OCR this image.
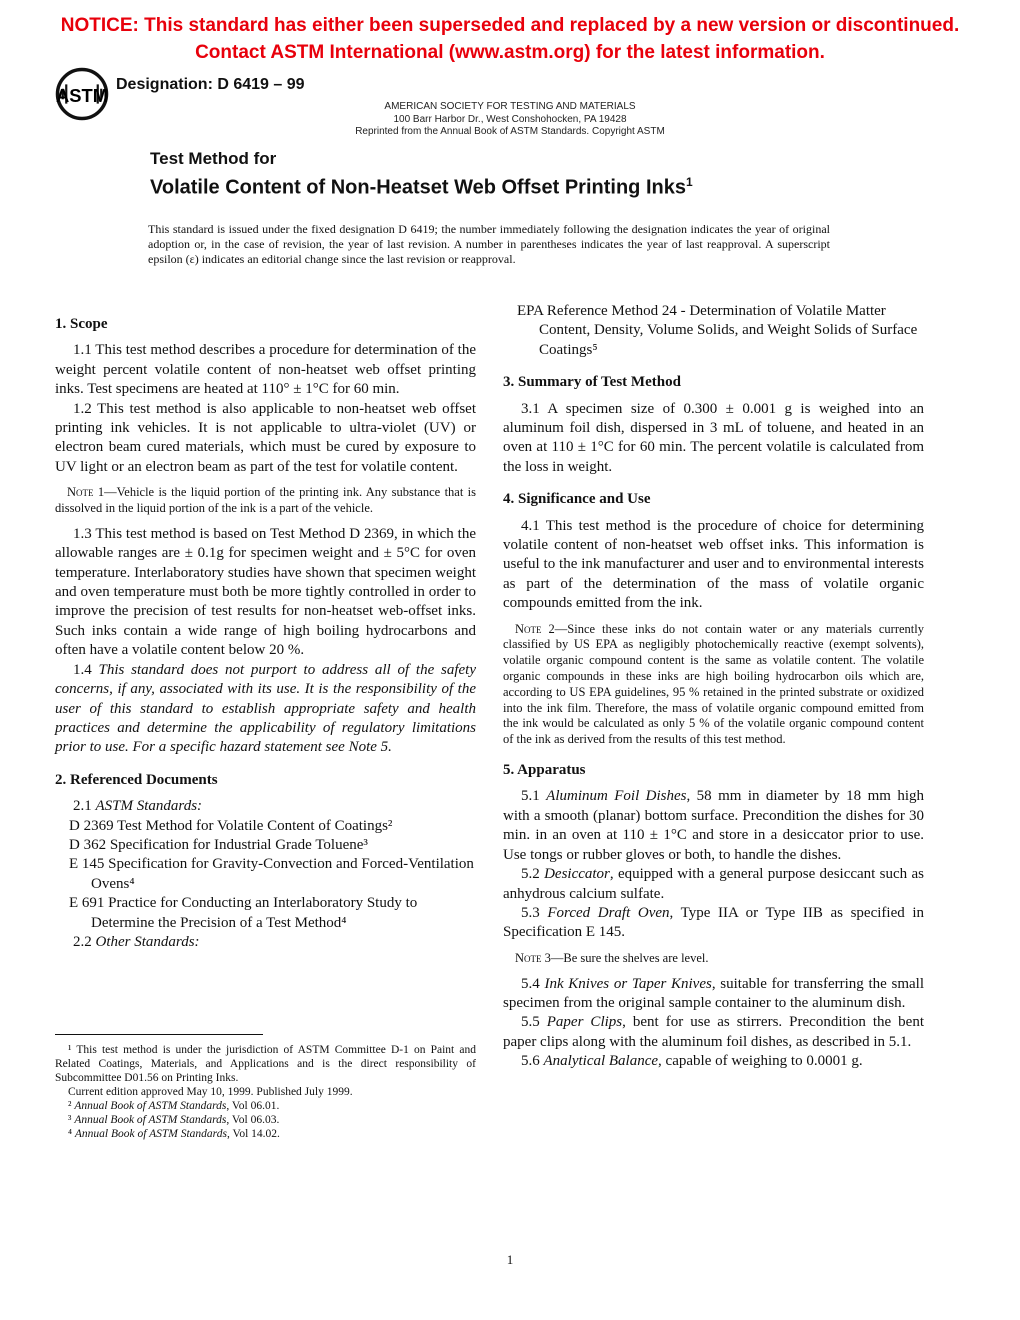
NOTICE: This standard has either been superseded and replaced by a new version or discontinued.
Contact ASTM International (www.astm.org) for the latest information.
ASTM
Designation: D 6419 – 99
AMERICAN SOCIETY FOR TESTING AND MATERIALS
100 Barr Harbor Dr., West Conshohocken, PA 19428
Reprinted from the Annual Book of ASTM Standards. Copyright ASTM
Test Method for
Volatile Content of Non-Heatset Web Offset Printing Inks$^1$
This standard is issued under the fixed designation D 6419; the number immediately following the designation indicates the year of original adoption or, in the case of revision, the year of last revision. A number in parentheses indicates the year of last reapproval. A superscript epsilon (ε) indicates an editorial change since the last revision or reapproval.
1. Scope
1.1 This test method describes a procedure for determination of the weight percent volatile content of non-heatset web offset printing inks. Test specimens are heated at 110° ± 1°C for 60 min.
1.2 This test method is also applicable to non-heatset web offset printing ink vehicles. It is not applicable to ultra-violet (UV) or electron beam cured materials, which must be cured by exposure to UV light or an electron beam as part of the test for volatile content.
Note 1—Vehicle is the liquid portion of the printing ink. Any substance that is dissolved in the liquid portion of the ink is a part of the vehicle.
1.3 This test method is based on Test Method D 2369, in which the allowable ranges are ± 0.1g for specimen weight and ± 5°C for oven temperature. Interlaboratory studies have shown that specimen weight and oven temperature must both be more tightly controlled in order to improve the precision of test results for non-heatset web-offset inks. Such inks contain a wide range of high boiling hydrocarbons and often have a volatile content below 20 %.
1.4 This standard does not purport to address all of the safety concerns, if any, associated with its use. It is the responsibility of the user of this standard to establish appropriate safety and health practices and determine the applicability of regulatory limitations prior to use. For a specific hazard statement see Note 5.
2. Referenced Documents
2.1 ASTM Standards:
D 2369 Test Method for Volatile Content of Coatings²
D 362 Specification for Industrial Grade Toluene³
E 145 Specification for Gravity-Convection and Forced-Ventilation Ovens⁴
E 691 Practice for Conducting an Interlaboratory Study to Determine the Precision of a Test Method⁴
2.2 Other Standards:
EPA Reference Method 24 - Determination of Volatile Matter Content, Density, Volume Solids, and Weight Solids of Surface Coatings⁵
3. Summary of Test Method
3.1 A specimen size of 0.300 ± 0.001 g is weighed into an aluminum foil dish, dispersed in 3 mL of toluene, and heated in an oven at 110 ± 1°C for 60 min. The percent volatile is calculated from the loss in weight.
4. Significance and Use
4.1 This test method is the procedure of choice for determining volatile content of non-heatset web offset inks. This information is useful to the ink manufacturer and user and to environmental interests as part of the determination of the mass of volatile organic compounds emitted from the ink.
Note 2—Since these inks do not contain water or any materials currently classified by US EPA as negligibly photochemically reactive (exempt solvents), volatile organic compound content is the same as volatile content. The volatile organic compounds in these inks are high boiling hydrocarbon oils which are, according to US EPA guidelines, 95 % retained in the printed substrate or oxidized into the ink film. Therefore, the mass of volatile organic compound emitted from the ink would be calculated as only 5 % of the volatile organic compound content of the ink as derived from the results of this test method.
5. Apparatus
5.1 Aluminum Foil Dishes, 58 mm in diameter by 18 mm high with a smooth (planar) bottom surface. Precondition the dishes for 30 min. in an oven at 110 ± 1°C and store in a desiccator prior to use. Use tongs or rubber gloves or both, to handle the dishes.
5.2 Desiccator, equipped with a general purpose desiccant such as anhydrous calcium sulfate.
5.3 Forced Draft Oven, Type IIA or Type IIB as specified in Specification E 145.
Note 3—Be sure the shelves are level.
5.4 Ink Knives or Taper Knives, suitable for transferring the small specimen from the original sample container to the aluminum dish.
5.5 Paper Clips, bent for use as stirrers. Precondition the bent paper clips along with the aluminum foil dishes, as described in 5.1.
5.6 Analytical Balance, capable of weighing to 0.0001 g.
¹ This test method is under the jurisdiction of ASTM Committee D-1 on Paint and Related Coatings, Materials, and Applications and is the direct responsibility of Subcommittee D01.56 on Printing Inks.
Current edition approved May 10, 1999. Published July 1999.
² Annual Book of ASTM Standards, Vol 06.01.
³ Annual Book of ASTM Standards, Vol 06.03.
⁴ Annual Book of ASTM Standards, Vol 14.02.
1
